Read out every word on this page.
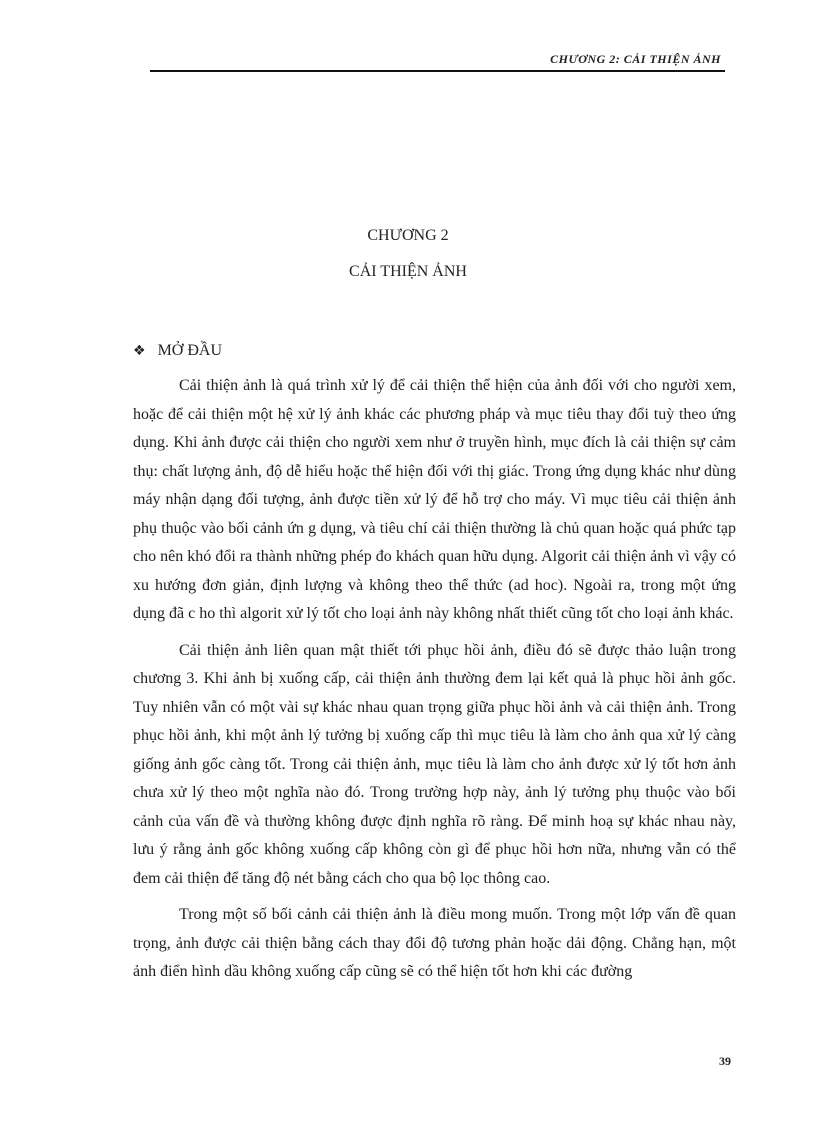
CHƯƠNG 2: CẢI THIỆN ẢNH
CHƯƠNG 2
CẢI THIỆN ẢNH
❖ MỞ ĐẦU

Cải thiện ảnh là quá trình xử lý để cải thiện thể hiện của ảnh đối với cho người xem, hoặc để cải thiện một hệ xử lý ảnh khác các phương pháp và mục tiêu thay đổi tuỳ theo ứng dụng. Khi ảnh được cải thiện cho người xem như ở truyền hình, mục đích là cải thiện sự cảm thụ: chất lượng ảnh, độ dễ hiểu hoặc thể hiện đối với thị giác. Trong ứng dụng khác như dùng máy nhận dạng đối tượng, ảnh được tiền xử lý để hỗ trợ cho máy. Vì mục tiêu cải thiện ảnh phụ thuộc vào bối cảnh ứn g dụng, và tiêu chí cải thiện thường là chủ quan hoặc quá phức tạp cho nên khó đổi ra thành những phép đo khách quan hữu dụng. Algorit cải thiện ảnh vì vậy có xu hướng đơn giản, định lượng và không theo thể thức (ad hoc). Ngoài ra, trong một ứng dụng đã c ho thì algorit xử lý tốt cho loại ảnh này không nhất thiết cũng tốt cho loại ảnh khác.

Cải thiện ảnh liên quan mật thiết tới phục hồi ảnh, điều đó sẽ được thảo luận trong chương 3. Khi ảnh bị xuống cấp, cải thiện ảnh thường đem lại kết quả là phục hồi ảnh gốc. Tuy nhiên vẫn có một vài sự khác nhau quan trọng giữa phục hồi ảnh và cải thiện ảnh. Trong phục hồi ảnh, khi một ảnh lý tưởng bị xuống cấp thì mục tiêu là làm cho ảnh qua xử lý càng giống ảnh gốc càng tốt. Trong cải thiện ảnh, mục tiêu là làm cho ảnh được xử lý tốt hơn ảnh chưa xử lý theo một nghĩa nào đó. Trong trường hợp này, ảnh lý tưởng phụ thuộc vào bối cảnh của vấn đề và thường không được định nghĩa rõ ràng. Để minh hoạ sự khác nhau này, lưu ý rằng ảnh gốc không xuống cấp không còn gì để phục hồi hơn nữa, nhưng vẫn có thể đem cải thiện để tăng độ nét bằng cách cho qua bộ lọc thông cao.

Trong một số bối cảnh cải thiện ảnh là điều mong muốn. Trong một lớp vấn đề quan trọng, ảnh được cải thiện bằng cách thay đổi độ tương phản hoặc dải động. Chẳng hạn, một ảnh điển hình dầu không xuống cấp cũng sẽ có thể hiện tốt hơn khi các đường

39
